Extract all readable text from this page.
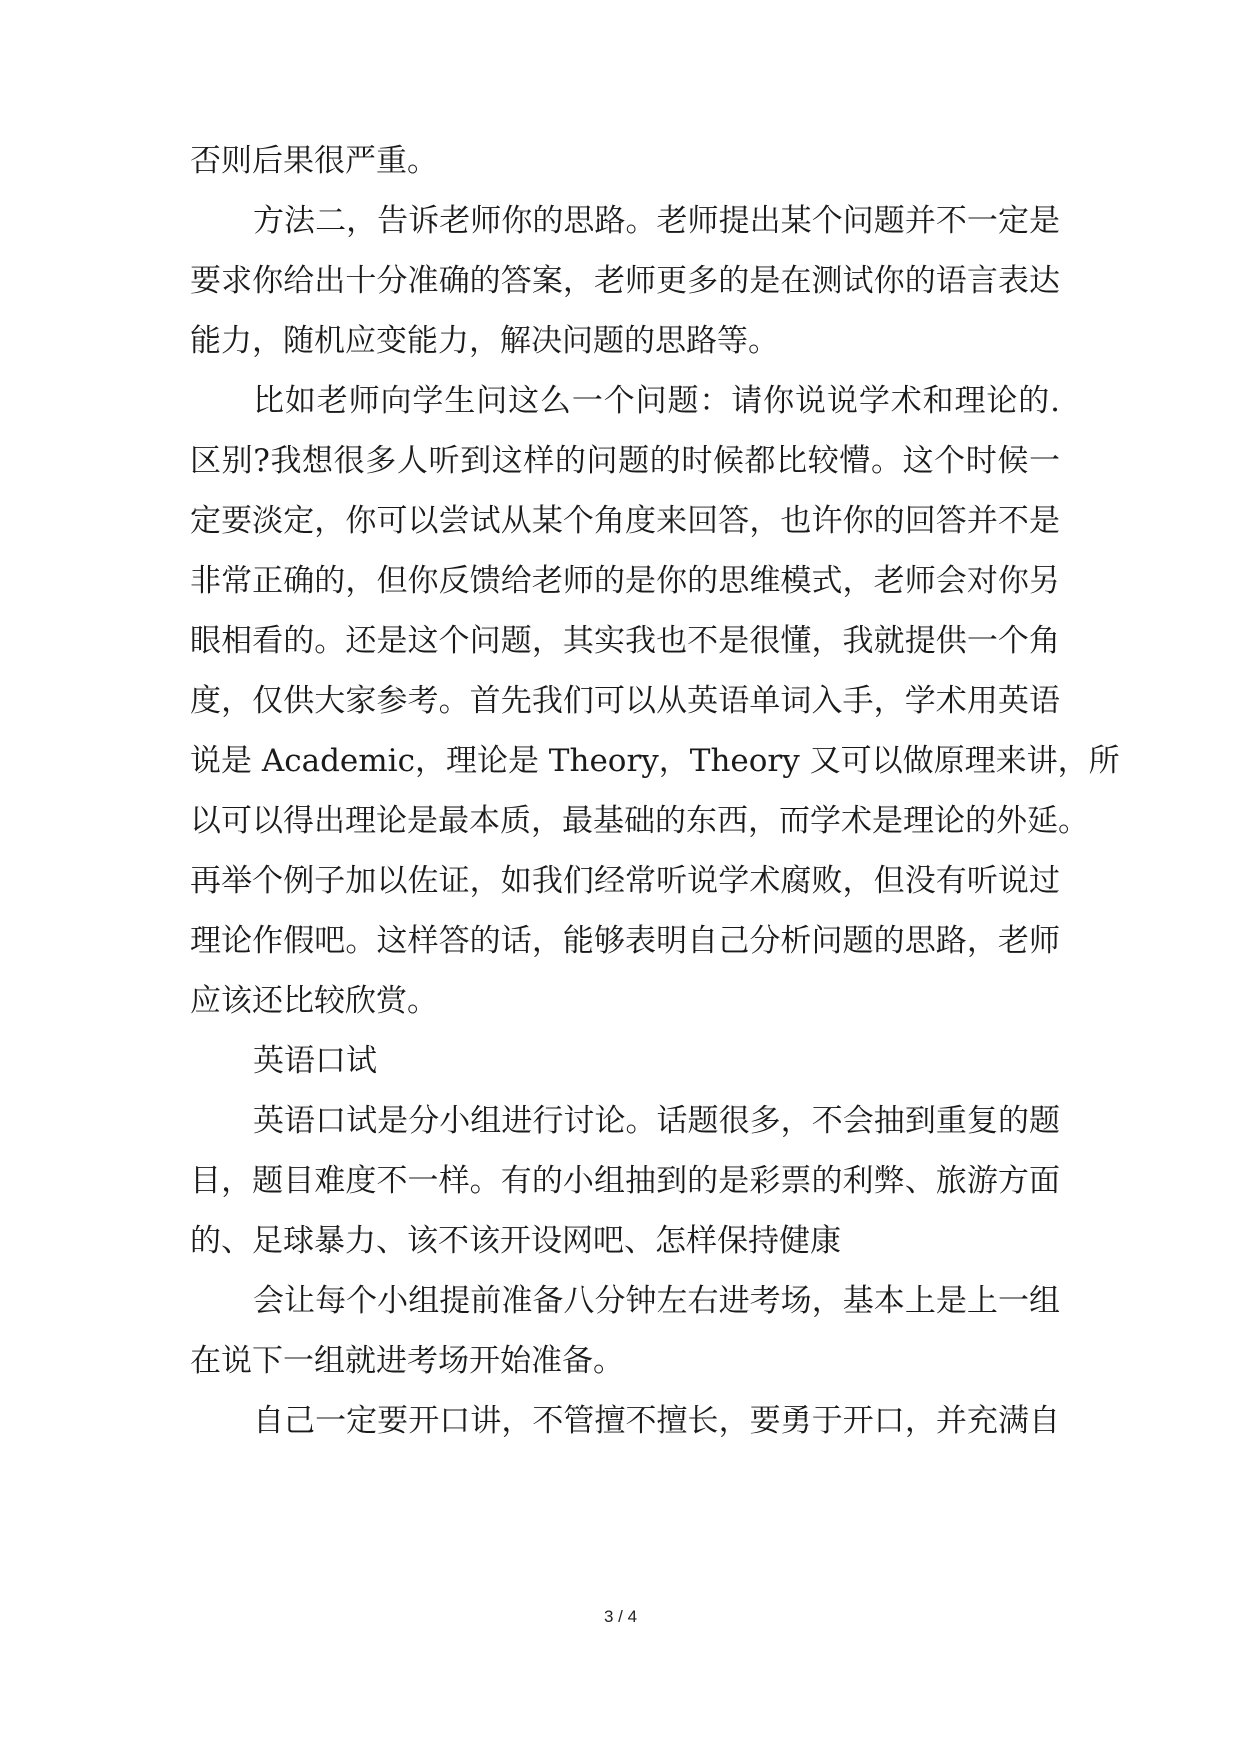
否则后果很严重。
方法二，告诉老师你的思路。老师提出某个问题并不一定是
要求你给出十分准确的答案，老师更多的是在测试你的语言表达
能力，随机应变能力，解决问题的思路等。
比如老师向学生问这么一个问题：请你说说学术和理论的.
区别?我想很多人听到这样的问题的时候都比较懵。这个时候一
定要淡定，你可以尝试从某个角度来回答，也许你的回答并不是
非常正确的，但你反馈给老师的是你的思维模式，老师会对你另
眼相看的。还是这个问题，其实我也不是很懂，我就提供一个角
度，仅供大家参考。首先我们可以从英语单词入手，学术用英语
说是 Academic，理论是 Theory，Theory 又可以做原理来讲，所
以可以得出理论是最本质，最基础的东西，而学术是理论的外延。
再举个例子加以佐证，如我们经常听说学术腐败，但没有听说过
理论作假吧。这样答的话，能够表明自己分析问题的思路，老师
应该还比较欣赏。
英语口试
英语口试是分小组进行讨论。话题很多，不会抽到重复的题
目，题目难度不一样。有的小组抽到的是彩票的利弊、旅游方面
的、足球暴力、该不该开设网吧、怎样保持健康
会让每个小组提前准备八分钟左右进考场，基本上是上一组
在说下一组就进考场开始准备。
自己一定要开口讲，不管擅不擅长，要勇于开口，并充满自
3 / 4
